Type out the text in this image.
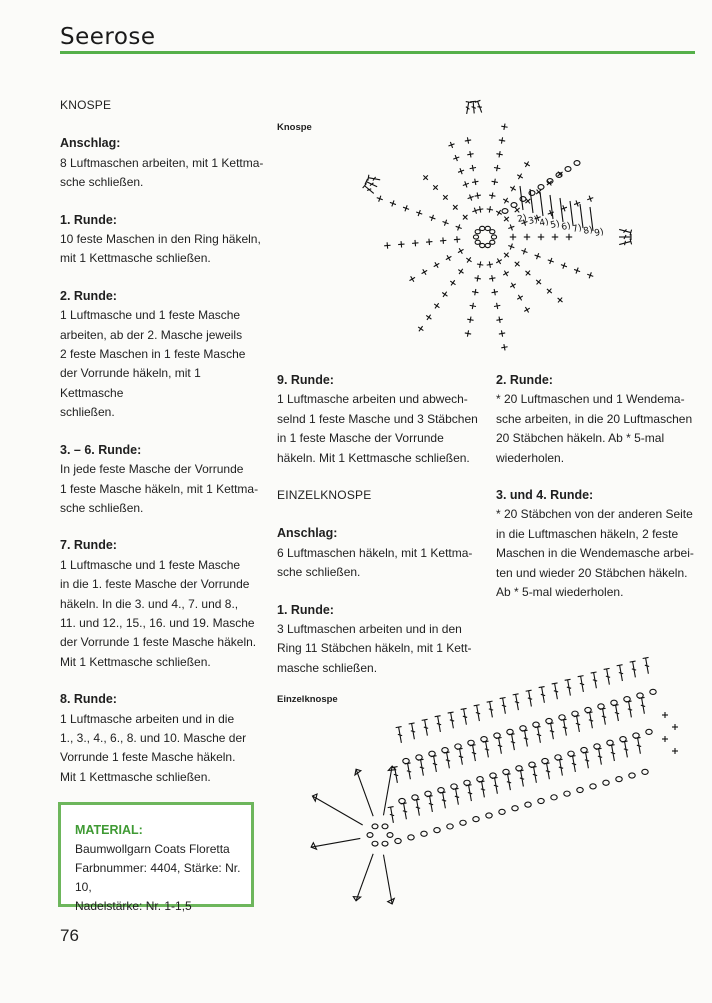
Seerose

KNOSPE

Anschlag:

8 Luftmaschen arbeiten, mit 1 Kettma-

sche schließen.

1. Runde:

10 feste Maschen in den Ring häkeln,

mit 1 Kettmasche schließen.

2. Runde:

1 Luftmasche und 1 feste Masche

arbeiten, ab der 2. Masche jeweils

2 feste Maschen in 1 feste Masche

der Vorrunde häkeln, mit 1 Kettmasche

schließen.

3. – 6. Runde:

In jede feste Masche der Vorrunde

1 feste Masche häkeln, mit 1 Kettma-

sche schließen.

7. Runde:

1 Luftmasche und 1 feste Masche

in die 1. feste Masche der Vorrunde

häkeln. In die 3. und 4., 7. und 8.,

11. und 12., 15., 16. und 19. Masche

der Vorrunde 1 feste Masche häkeln.

Mit 1 Kettmasche schließen.

8. Runde:

1 Luftmasche arbeiten und in die

1., 3., 4., 6., 8. und 10. Masche der

Vorrunde 1 feste Masche häkeln.

Mit 1 Kettmasche schließen.

MATERIAL:
Baumwollgarn Coats Floretta
Farbnummer: 4404, Stärke: Nr. 10,
Nadelstärke: Nr. 1-1,5
76
Knospe

9. Runde:

1 Luftmasche arbeiten und abwech-

selnd 1 feste Masche und 3 Stäbchen

in 1 feste Masche der Vorrunde

häkeln. Mit 1 Kettmasche schließen.

EINZELKNOSPE

Anschlag:

6 Luftmaschen häkeln, mit 1 Kettma-

sche schließen.

1. Runde:

3 Luftmaschen arbeiten und in den

Ring 11 Stäbchen häkeln, mit 1 Kett-

masche schließen.

Einzelknospe

2. Runde:

* 20 Luftmaschen und 1 Wendema-

sche arbeiten, in die 20 Luftmaschen

20 Stäbchen häkeln. Ab * 5-mal

wiederholen.

3. und 4. Runde:

* 20 Stäbchen von der anderen Seite

in die Luftmaschen häkeln, 2 feste

Maschen in die Wendemasche arbei-

ten und wieder 20 Stäbchen häkeln.

Ab * 5-mal wiederholen.

2) 3) 4) 5) 6) 7) 8) 9)
